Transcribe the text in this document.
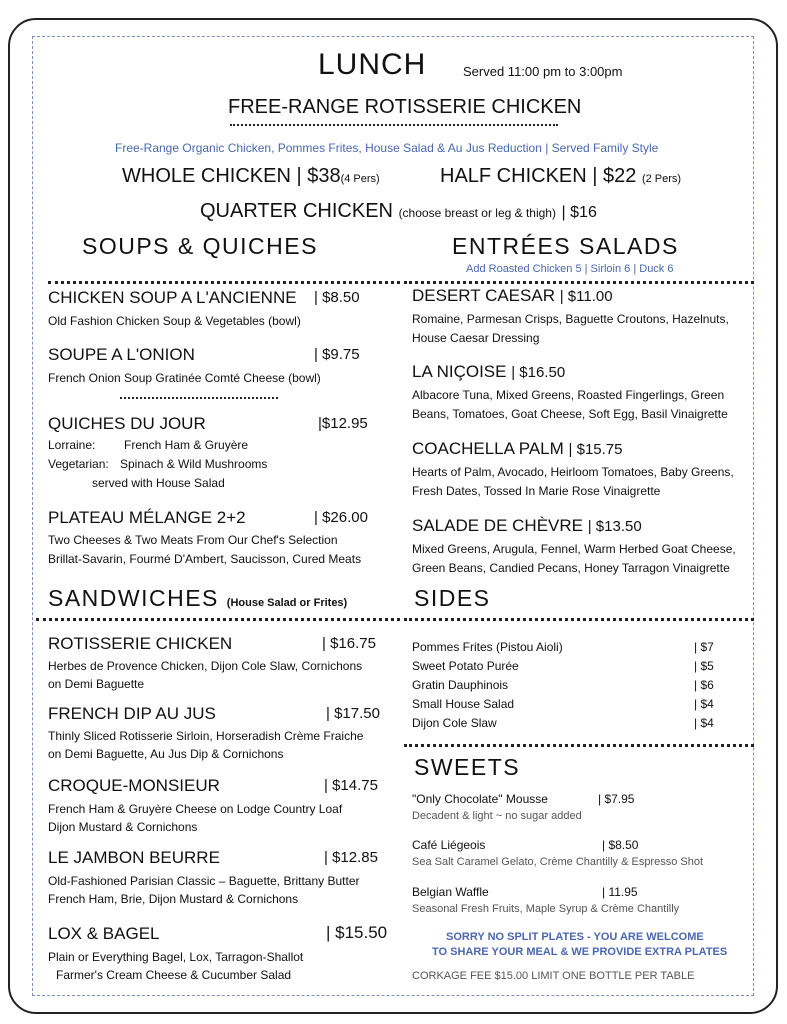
LUNCH	Served 11:00 pm to 3:00pm
FREE-RANGE ROTISSERIE CHICKEN
Free-Range Organic Chicken, Pommes Frites, House Salad & Au Jus Reduction | Served Family Style
WHOLE CHICKEN | $38(4 Pers)	HALF CHICKEN | $22 (2 Pers)
QUARTER CHICKEN (choose breast or leg & thigh) | $16
SOUPS & QUICHES	ENTRÉES SALADS
Add Roasted Chicken 5 | Sirloin 6 | Duck 6
CHICKEN SOUP A L'ANCIENNE | $8.50
Old Fashion Chicken Soup & Vegetables (bowl)
SOUPE A L'ONION	| $9.75
French Onion Soup Gratinée Comté Cheese (bowl)
QUICHES DU JOUR	|$12.95
Lorraine: French Ham & Gruyère
Vegetarian: Spinach & Wild Mushrooms
served with House Salad
PLATEAU MÉLANGE 2+2	| $26.00
Two Cheeses & Two Meats From Our Chef's Selection
Brillat-Savarin, Fourmé D'Ambert, Saucisson, Cured Meats
DESERT CAESAR | $11.00
Romaine, Parmesan Crisps, Baguette Croutons, Hazelnuts,
House Caesar Dressing
LA NIÇOISE | $16.50
Albacore Tuna, Mixed Greens, Roasted Fingerlings, Green
Beans, Tomatoes, Goat Cheese, Soft Egg, Basil Vinaigrette
COACHELLA PALM | $15.75
Hearts of Palm, Avocado, Heirloom Tomatoes, Baby Greens,
Fresh Dates, Tossed In Marie Rose Vinaigrette
SALADE DE CHÈVRE | $13.50
Mixed Greens, Arugula, Fennel, Warm Herbed Goat Cheese,
Green Beans, Candied Pecans, Honey Tarragon Vinaigrette
SANDWICHES (House Salad or Frites)	SIDES
ROTISSERIE CHICKEN	| $16.75
Herbes de Provence Chicken, Dijon Cole Slaw, Cornichons
on Demi Baguette
FRENCH DIP AU JUS	| $17.50
Thinly Sliced Rotisserie Sirloin, Horseradish Crème Fraiche
on Demi Baguette, Au Jus Dip & Cornichons
CROQUE-MONSIEUR	| $14.75
French Ham & Gruyère Cheese on Lodge Country Loaf
Dijon Mustard & Cornichons
LE JAMBON BEURRE	| $12.85
Old-Fashioned Parisian Classic – Baguette, Brittany Butter
French Ham, Brie, Dijon Mustard & Cornichons
LOX & BAGEL	| $15.50
Plain or Everything Bagel, Lox, Tarragon-Shallot
Farmer's Cream Cheese & Cucumber Salad
Pommes Frites (Pistou Aioli)	| $7
Sweet Potato Purée	| $5
Gratin Dauphinois	| $6
Small House Salad	| $4
Dijon Cole Slaw	| $4
SWEETS
"Only Chocolate" Mousse	| $7.95
Decadent & light ~ no sugar added
Café Liégeois	| $8.50
Sea Salt Caramel Gelato, Crème Chantilly & Espresso Shot
Belgian Waffle	| 11.95
Seasonal Fresh Fruits, Maple Syrup & Crème Chantilly
SORRY NO SPLIT PLATES - YOU ARE WELCOME
TO SHARE YOUR MEAL & WE PROVIDE EXTRA PLATES
CORKAGE FEE $15.00 LIMIT ONE BOTTLE PER TABLE
